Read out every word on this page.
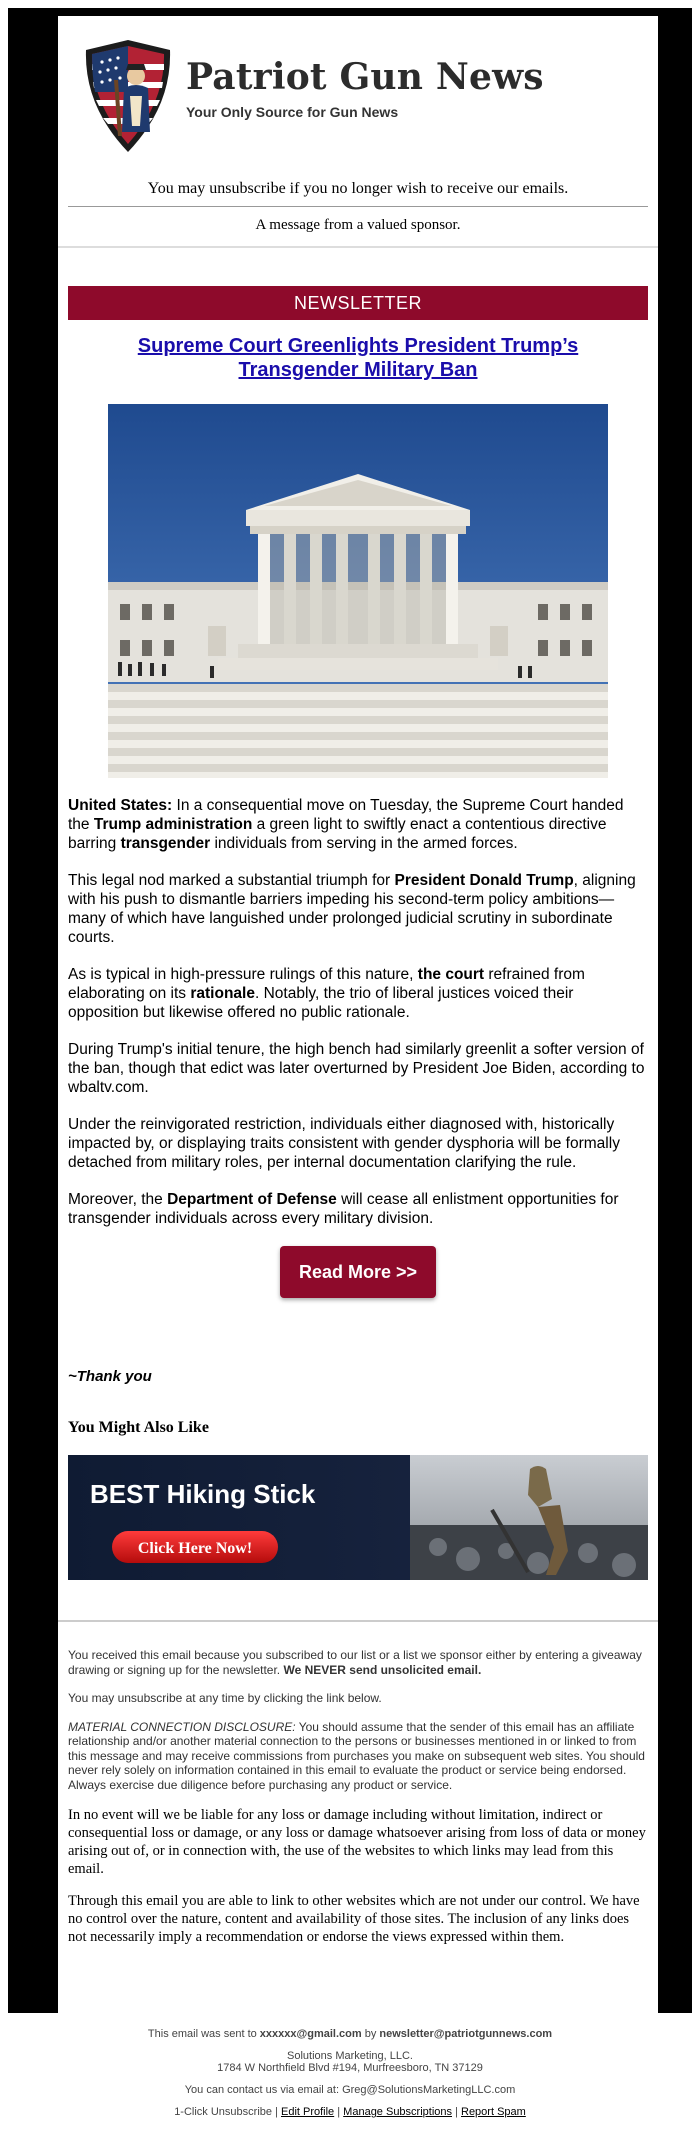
Patriot Gun News
Your Only Source for Gun News
You may unsubscribe if you no longer wish to receive our emails.
A message from a valued sponsor.
NEWSLETTER
Supreme Court Greenlights President Trump’s Transgender Military Ban

United States: In a consequential move on Tuesday, the Supreme Court handed the Trump administration a green light to swiftly enact a contentious directive barring transgender individuals from serving in the armed forces.

This legal nod marked a substantial triumph for President Donald Trump, aligning with his push to dismantle barriers impeding his second-term policy ambitions—many of which have languished under prolonged judicial scrutiny in subordinate courts.

As is typical in high-pressure rulings of this nature, the court refrained from elaborating on its rationale. Notably, the trio of liberal justices voiced their opposition but likewise offered no public rationale.

During Trump's initial tenure, the high bench had similarly greenlit a softer version of the ban, though that edict was later overturned by President Joe Biden, according to wbaltv.com.

Under the reinvigorated restriction, individuals either diagnosed with, historically impacted by, or displaying traits consistent with gender dysphoria will be formally detached from military roles, per internal documentation clarifying the rule.

Moreover, the Department of Defense will cease all enlistment opportunities for transgender individuals across every military division.

Read More >>
~Thank you
You Might Also Like
BEST Hiking Stick
Click Here Now!

You received this email because you subscribed to our list or a list we sponsor either by entering a giveaway drawing or signing up for the newsletter. We NEVER send unsolicited email.

You may unsubscribe at any time by clicking the link below.

MATERIAL CONNECTION DISCLOSURE: You should assume that the sender of this email has an affiliate relationship and/or another material connection to the persons or businesses mentioned in or linked to from this message and may receive commissions from purchases you make on subsequent web sites. You should never rely solely on information contained in this email to evaluate the product or service being endorsed. Always exercise due diligence before purchasing any product or service.

In no event will we be liable for any loss or damage including without limitation, indirect or consequential loss or damage, or any loss or damage whatsoever arising from loss of data or money arising out of, or in connection with, the use of the websites to which links may lead from this email.

Through this email you are able to link to other websites which are not under our control. We have no control over the nature, content and availability of those sites. The inclusion of any links does not necessarily imply a recommendation or endorse the views expressed within them.

This email was sent to xxxxxx@gmail.com by newsletter@patriotgunnews.com
Solutions Marketing, LLC.
1784 W Northfield Blvd #194, Murfreesboro, TN 37129
You can contact us via email at: Greg@SolutionsMarketingLLC.com
1-Click Unsubscribe | Edit Profile | Manage Subscriptions | Report Spam
